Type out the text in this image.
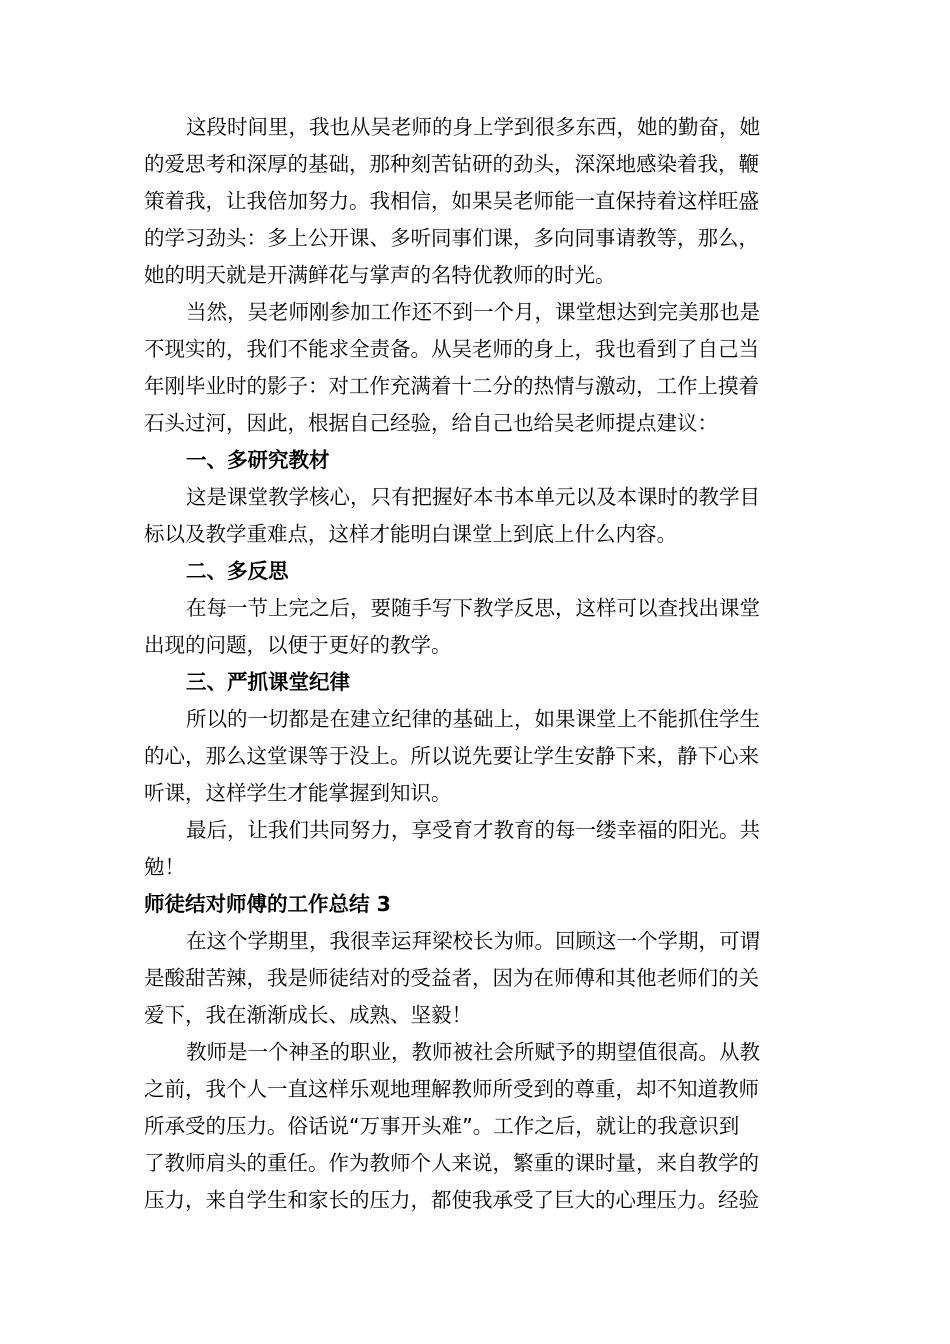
这段时间里，我也从吴老师的身上学到很多东西，她的勤奋，她
的爱思考和深厚的基础，那种刻苦钻研的劲头，深深地感染着我，鞭
策着我，让我倍加努力。我相信，如果吴老师能一直保持着这样旺盛
的学习劲头：多上公开课、多听同事们课，多向同事请教等，那么，
她的明天就是开满鲜花与掌声的名特优教师的时光。

当然，吴老师刚参加工作还不到一个月，课堂想达到完美那也是
不现实的，我们不能求全责备。从吴老师的身上，我也看到了自己当
年刚毕业时的影子：对工作充满着十二分的热情与激动，工作上摸着
石头过河，因此，根据自己经验，给自己也给吴老师提点建议：

一、多研究教材

这是课堂教学核心，只有把握好本书本单元以及本课时的教学目
标以及教学重难点，这样才能明白课堂上到底上什么内容。

二、多反思

在每一节上完之后，要随手写下教学反思，这样可以查找出课堂
出现的问题，以便于更好的教学。

三、严抓课堂纪律

所以的一切都是在建立纪律的基础上，如果课堂上不能抓住学生
的心，那么这堂课等于没上。所以说先要让学生安静下来，静下心来
听课，这样学生才能掌握到知识。

最后，让我们共同努力，享受育才教育的每一缕幸福的阳光。共
勉！

师徒结对师傅的工作总结 3

在这个学期里，我很幸运拜梁校长为师。回顾这一个学期，可谓
是酸甜苦辣，我是师徒结对的受益者，因为在师傅和其他老师们的关
爱下，我在渐渐成长、成熟、坚毅！

教师是一个神圣的职业，教师被社会所赋予的期望值很高。从教
之前，我个人一直这样乐观地理解教师所受到的尊重，却不知道教师
所承受的压力。俗话说“万事开头难”。工作之后，就让的我意识到
了教师肩头的重任。作为教师个人来说，繁重的课时量，来自教学的
压力，来自学生和家长的压力，都使我承受了巨大的心理压力。经验
